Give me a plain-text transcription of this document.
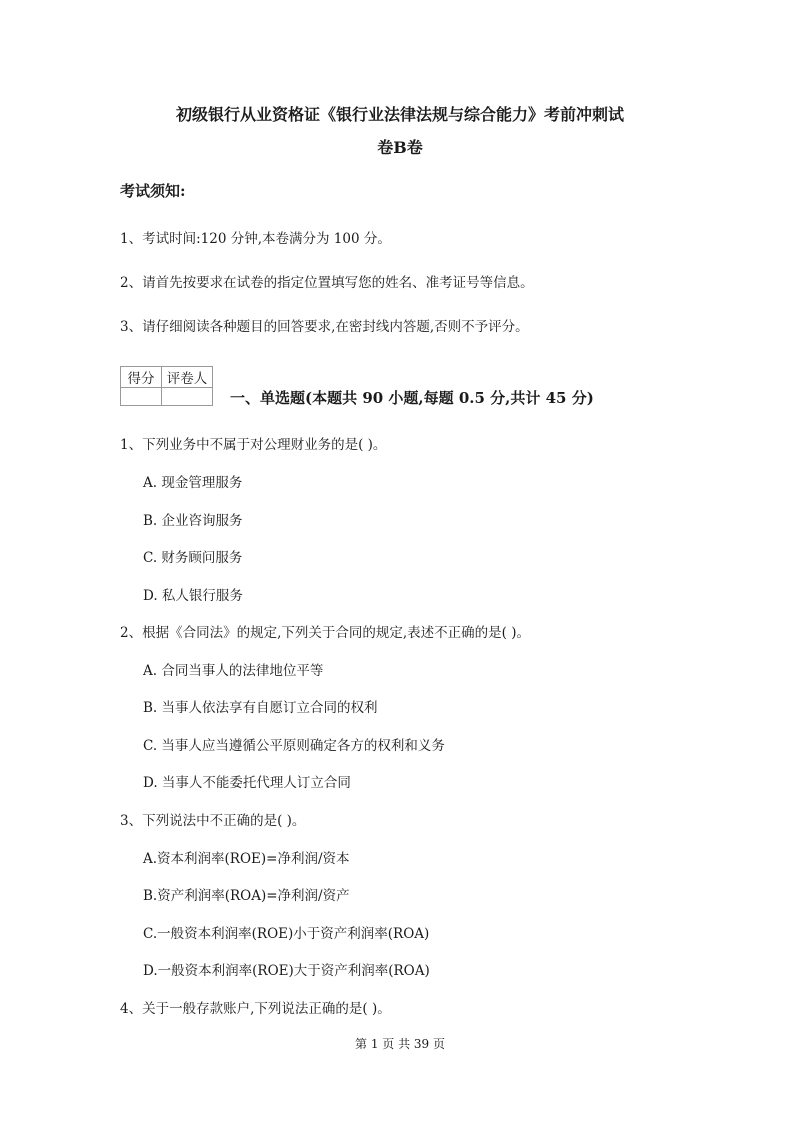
初级银行从业资格证《银行业法律法规与综合能力》考前冲刺试
卷B卷
考试须知:
1、考试时间:120 分钟,本卷满分为 100 分。
2、请首先按要求在试卷的指定位置填写您的姓名、准考证号等信息。
3、请仔细阅读各种题目的回答要求,在密封线内答题,否则不予评分。
得分	评卷人

一、单选题(本题共 90 小题,每题 0.5 分,共计 45 分)
1、下列业务中不属于对公理财业务的是( )。
A. 现金管理服务
B. 企业咨询服务
C. 财务顾问服务
D. 私人银行服务
2、根据《合同法》的规定,下列关于合同的规定,表述不正确的是( )。
A. 合同当事人的法律地位平等
B. 当事人依法享有自愿订立合同的权利
C. 当事人应当遵循公平原则确定各方的权利和义务
D. 当事人不能委托代理人订立合同
3、下列说法中不正确的是( )。
A.资本利润率(ROE)=净利润/资本
B.资产利润率(ROA)=净利润/资产
C.一般资本利润率(ROE)小于资产利润率(ROA)
D.一般资本利润率(ROE)大于资产利润率(ROA)
4、关于一般存款账户,下列说法正确的是( )。
第 1 页 共 39 页
